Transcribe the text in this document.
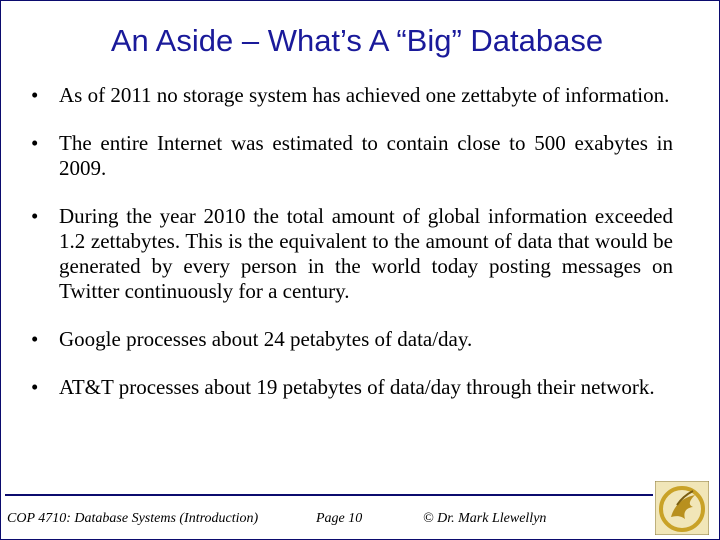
An Aside – What’s A “Big” Database
• As of 2011 no storage system has achieved one zettabyte of information.
• The entire Internet was estimated to contain close to 500 exabytes in 2009.
• During the year 2010 the total amount of global information exceeded 1.2 zettabytes. This is the equivalent to the amount of data that would be generated by every person in the world today posting messages on Twitter continuously for a century.
• Google processes about 24 petabytes of data/day.
• AT&T processes about 19 petabytes of data/day through their network.
COP 4710: Database Systems (Introduction)	Page 10	© Dr. Mark Llewellyn
